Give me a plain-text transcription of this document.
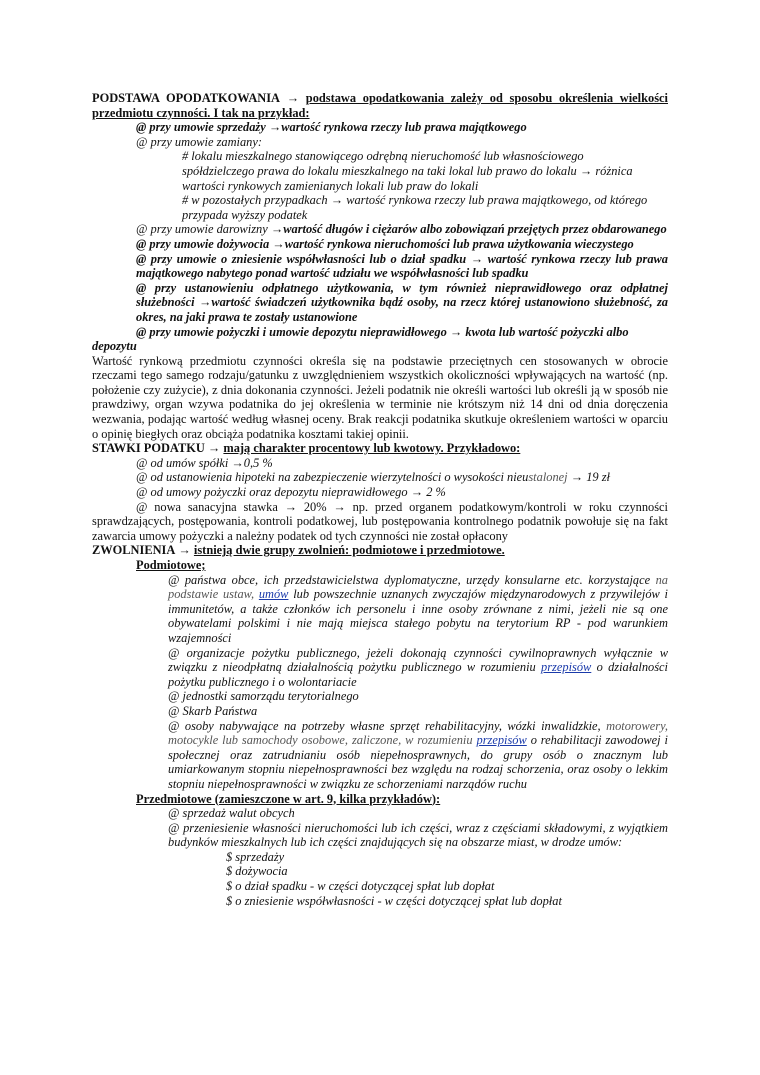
PODSTAWA OPODATKOWANIA → podstawa opodatkowania zależy od sposobu określenia wielkości przedmiotu czynności. I tak na przykład:

@ przy umowie sprzedaży →wartość rynkowa rzeczy lub prawa majątkowego

@ przy umowie zamiany:

# lokalu mieszkalnego stanowiącego odrębną nieruchomość lub własnościowego spółdzielczego prawa do lokalu mieszkalnego na taki lokal lub prawo do lokalu → różnica wartości rynkowych zamienianych lokali lub praw do lokali

# w pozostałych przypadkach → wartość rynkowa rzeczy lub prawa majątkowego, od którego przypada wyższy podatek

@ przy umowie darowizny →wartość długów i ciężarów albo zobowiązań przejętych przez obdarowanego

@ przy umowie dożywocia →wartość rynkowa nieruchomości lub prawa użytkowania wieczystego

@ przy umowie o zniesienie współwłasności lub o dział spadku → wartość rynkowa rzeczy lub prawa majątkowego nabytego ponad wartość udziału we współwłasności lub spadku

@ przy ustanowieniu odpłatnego użytkowania, w tym również nieprawidłowego oraz odpłatnej służebności →wartość świadczeń użytkownika bądź osoby, na rzecz której ustanowiono służebność, za okres, na jaki prawa te zostały ustanowione

@ przy umowie pożyczki i umowie depozytu nieprawidłowego → kwota lub wartość pożyczki albo depozytu

Wartość rynkową przedmiotu czynności określa się na podstawie przeciętnych cen stosowanych w obrocie rzeczami tego samego rodzaju/gatunku z uwzględnieniem wszystkich okoliczności wpływających na wartość (np. położenie czy zużycie), z dnia dokonania czynności. Jeżeli podatnik nie określi wartości lub określi ją w sposób nie prawdziwy, organ wzywa podatnika do jej określenia w terminie nie krótszym niż 14 dni od dnia doręczenia wezwania, podając wartość według własnej oceny. Brak reakcji podatnika skutkuje określeniem wartości w oparciu o opinię biegłych oraz obciąża podatnika kosztami takiej opinii.

STAWKI PODATKU → mają charakter procentowy lub kwotowy. Przykładowo:

@ od umów spółki →0,5 %

@ od ustanowienia hipoteki na zabezpieczenie wierzytelności o wysokości nieustalonej → 19 zł

@ od umowy pożyczki oraz depozytu nieprawidłowego → 2 %

@ nowa sanacyjna stawka → 20% → np. przed organem podatkowym/kontroli w roku czynności sprawdzających, postępowania, kontroli podatkowej, lub postępowania kontrolnego podatnik powołuje się na fakt zawarcia umowy pożyczki a należny podatek od tych czynności nie został opłacony

ZWOLNIENIA → istnieją dwie grupy zwolnień: podmiotowe i przedmiotowe.

Podmiotowe;

@ państwa obce, ich przedstawicielstwa dyplomatyczne, urzędy konsularne etc. korzystające na podstawie ustaw, umów lub powszechnie uznanych zwyczajów międzynarodowych z przywilejów i immunitetów, a także członków ich personelu i inne osoby zrównane z nimi, jeżeli nie są one obywatelami polskimi i nie mają miejsca stałego pobytu na terytorium RP - pod warunkiem wzajemności

@ organizacje pożytku publicznego, jeżeli dokonają czynności cywilnoprawnych wyłącznie w związku z nieodpłatną działalnością pożytku publicznego w rozumieniu przepisów o działalności pożytku publicznego i o wolontariacie

@ jednostki samorządu terytorialnego

@ Skarb Państwa

@ osoby nabywające na potrzeby własne sprzęt rehabilitacyjny, wózki inwalidzkie, motorowery, motocykle lub samochody osobowe, zaliczone, w rozumieniu przepisów o rehabilitacji zawodowej i społecznej oraz zatrudnianiu osób niepełnosprawnych, do grupy osób o znacznym lub umiarkowanym stopniu niepełnosprawności bez względu na rodzaj schorzenia, oraz osoby o lekkim stopniu niepełnosprawności w związku ze schorzeniami narządów ruchu

Przedmiotowe (zamieszczone w art. 9, kilka przykładów):

@ sprzedaż walut obcych

@ przeniesienie własności nieruchomości lub ich części, wraz z częściami składowymi, z wyjątkiem budynków mieszkalnych lub ich części znajdujących się na obszarze miast, w drodze umów:

$ sprzedaży

$ dożywocia

$ o dział spadku - w części dotyczącej spłat lub dopłat

$ o zniesienie współwłasności - w części dotyczącej spłat lub dopłat
